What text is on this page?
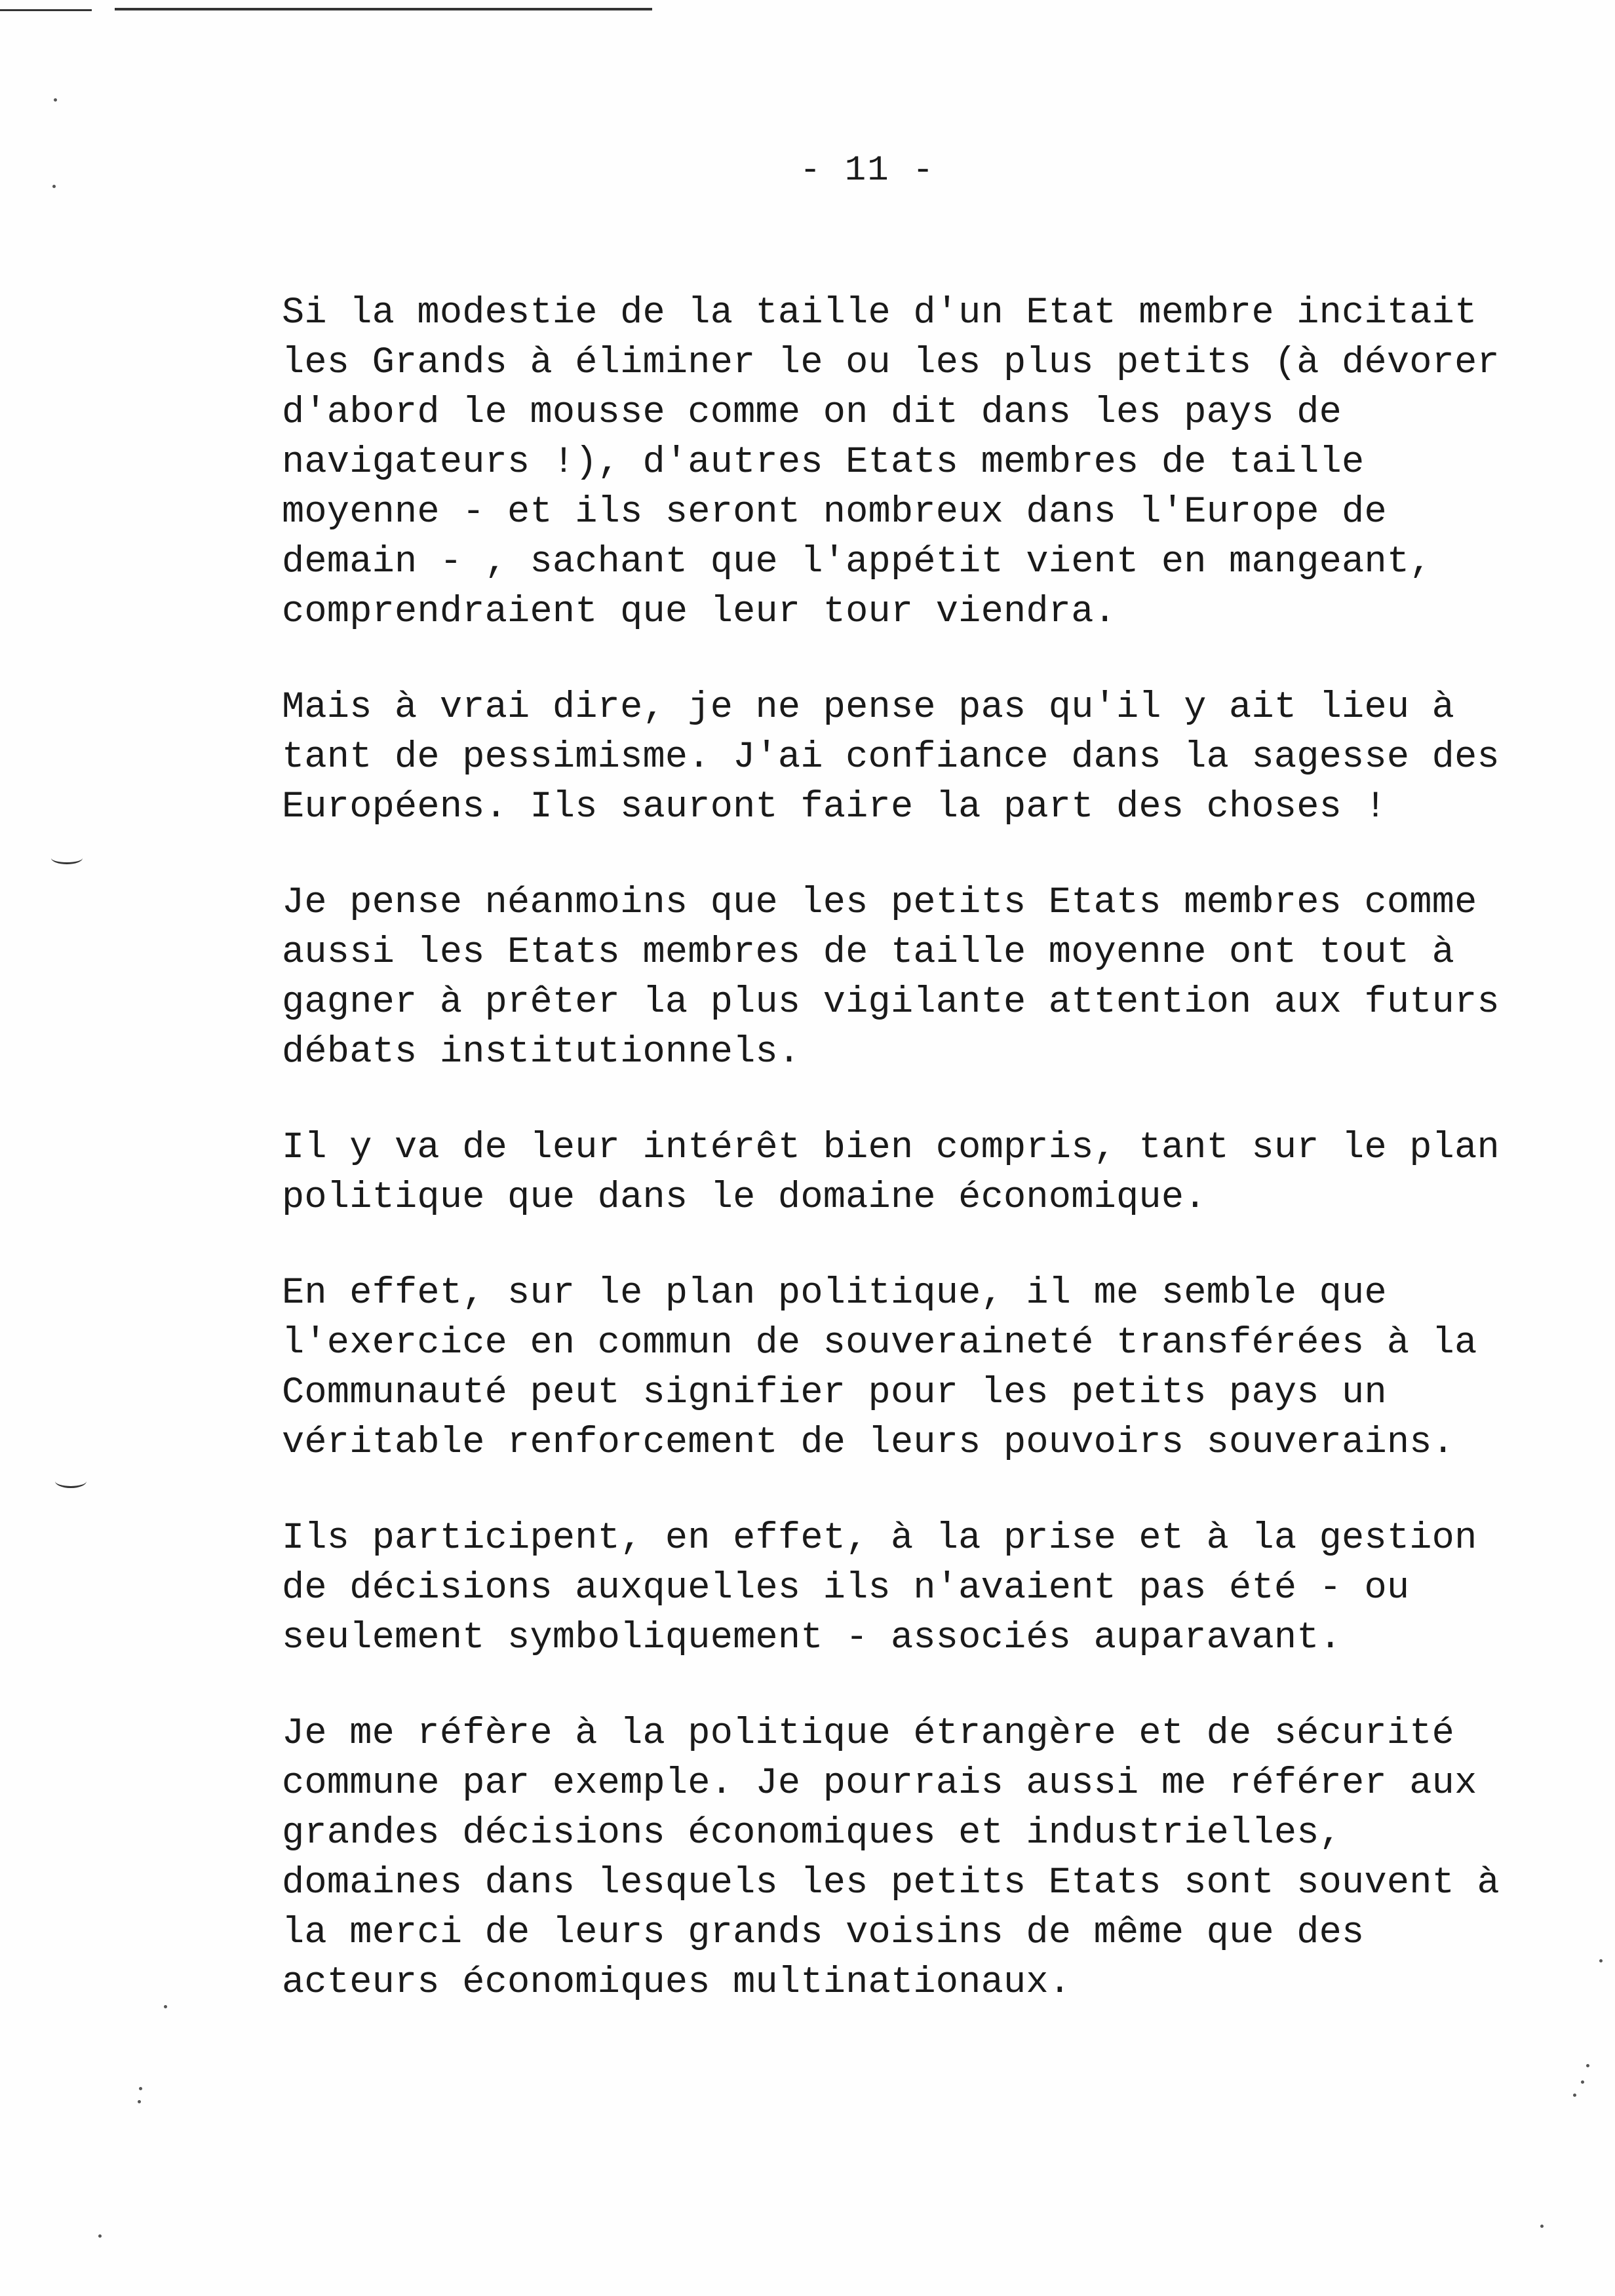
- 11 -

Si la modestie de la taille d'un Etat membre incitait
les Grands à éliminer le ou les plus petits (à dévorer
d'abord le mousse comme on dit dans les pays de
navigateurs !), d'autres Etats membres de taille
moyenne - et ils seront nombreux dans l'Europe de
demain - , sachant que l'appétit vient en mangeant,
comprendraient que leur tour viendra.

Mais à vrai dire, je ne pense pas qu'il y ait lieu à
tant de pessimisme. J'ai confiance dans la sagesse des
Européens. Ils sauront faire la part des choses !

Je pense néanmoins que les petits Etats membres comme
aussi les Etats membres de taille moyenne ont tout à
gagner à prêter la plus vigilante attention aux futurs
débats institutionnels.

Il y va de leur intérêt bien compris, tant sur le plan
politique que dans le domaine économique.

En effet, sur le plan politique, il me semble que
l'exercice en commun de souveraineté transférées à la
Communauté peut signifier pour les petits pays un
véritable renforcement de leurs pouvoirs souverains.

Ils participent, en effet, à la prise et à la gestion
de décisions auxquelles ils n'avaient pas été - ou
seulement symboliquement - associés auparavant.

Je me réfère à la politique étrangère et de sécurité
commune par exemple. Je pourrais aussi me référer aux
grandes décisions économiques et industrielles,
domaines dans lesquels les petits Etats sont souvent à
la merci de leurs grands voisins de même que des
acteurs économiques multinationaux.
